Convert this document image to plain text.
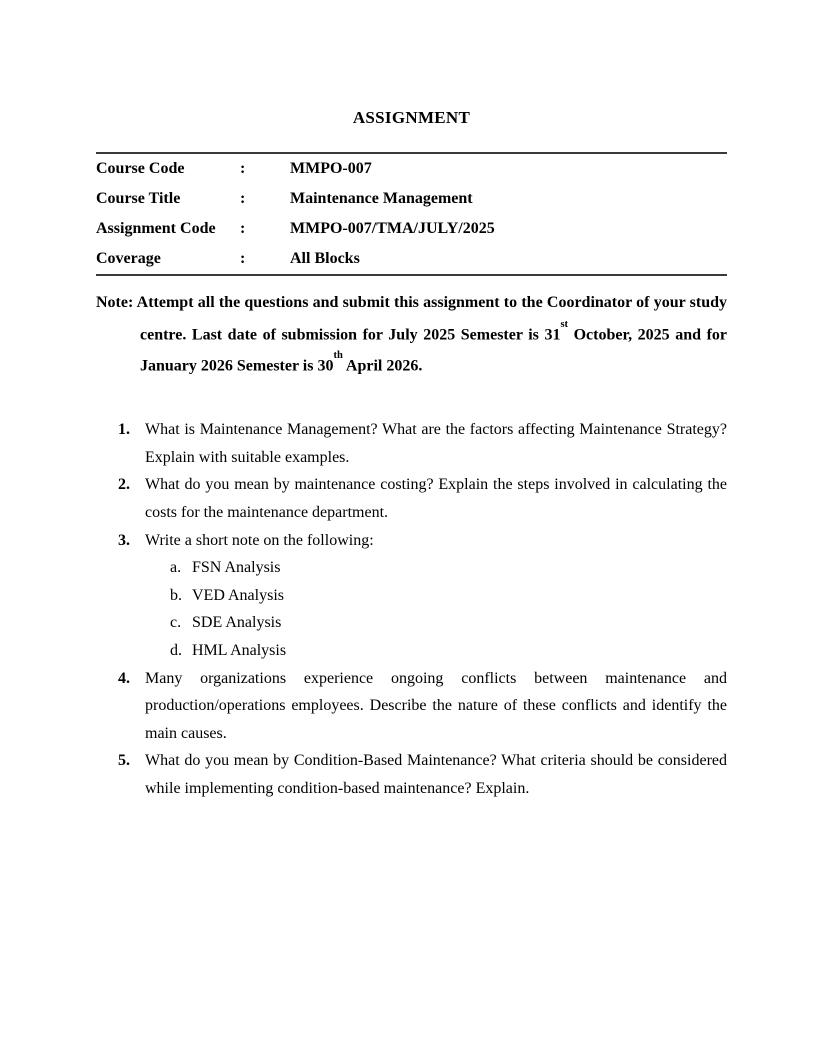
ASSIGNMENT
Course Code	:	MMPO-007
Course Title	:	Maintenance Management
Assignment Code	:	MMPO-007/TMA/JULY/2025
Coverage	:	All Blocks

Note: Attempt all the questions and submit this assignment to the Coordinator of your study centre. Last date of submission for July 2025 Semester is 31st October, 2025 and for January 2026 Semester is 30th April 2026.

1. What is Maintenance Management? What are the factors affecting Maintenance Strategy? Explain with suitable examples.
2. What do you mean by maintenance costing? Explain the steps involved in calculating the costs for the maintenance department.
3. Write a short note on the following:
a. FSN Analysis
b. VED Analysis
c. SDE Analysis
d. HML Analysis
4. Many organizations experience ongoing conflicts between maintenance and production/operations employees. Describe the nature of these conflicts and identify the main causes.
5. What do you mean by Condition-Based Maintenance? What criteria should be considered while implementing condition-based maintenance? Explain.
